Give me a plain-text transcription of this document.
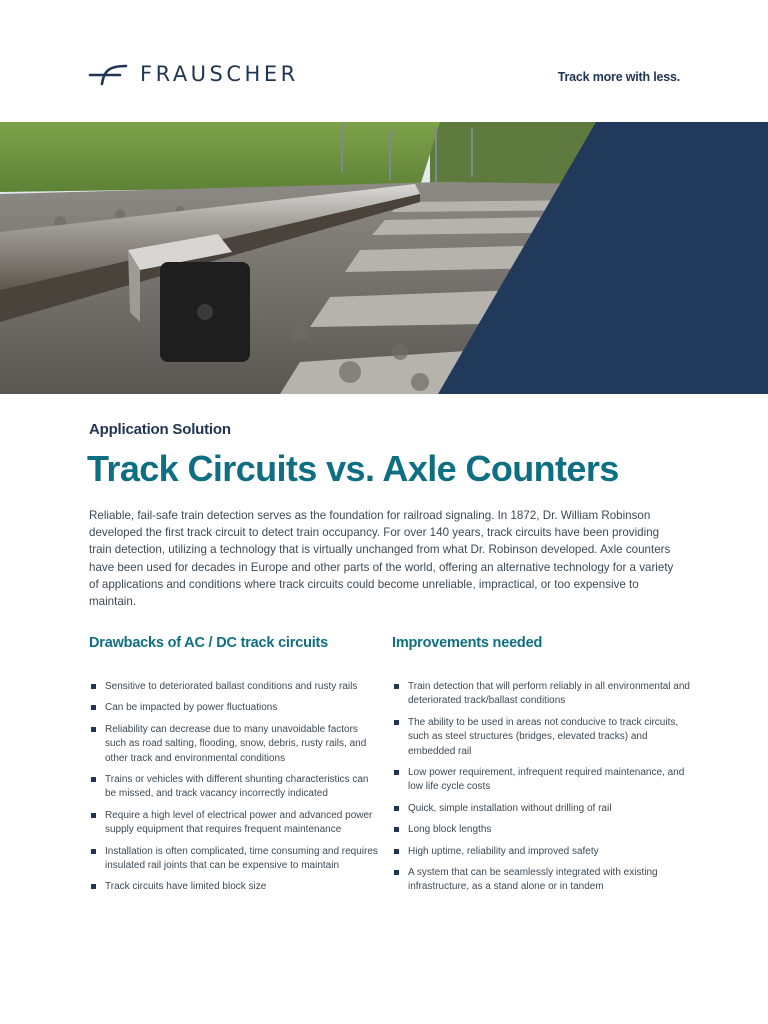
FRAUSCHER	Track more with less.
Application Solution
Track Circuits vs. Axle Counters

Reliable, fail-safe train detection serves as the foundation for railroad signaling. In 1872, Dr. William Robinson developed the first track circuit to detect train occupancy. For over 140 years, track circuits have been providing train detection, utilizing a technology that is virtually unchanged from what Dr. Robinson developed. Axle counters have been used for decades in Europe and other parts of the world, offering an alternative technology for a variety of applications and conditions where track circuits could become unreliable, impractical, or too expensive to maintain.

Drawbacks of AC / DC track circuits
Sensitive to deteriorated ballast conditions and rusty rails
Can be impacted by power fluctuations
Reliability can decrease due to many unavoidable factors such as road salting, flooding, snow, debris, rusty rails, and other track and environmental conditions
Trains or vehicles with different shunting characteristics can be missed, and track vacancy incorrectly indicated
Require a high level of electrical power and advanced power supply equipment that requires frequent maintenance
Installation is often complicated, time consuming and requires insulated rail joints that can be expensive to maintain
Track circuits have limited block size
Improvements needed
Train detection that will perform reliably in all environmental and deteriorated track/ballast conditions
The ability to be used in areas not conducive to track circuits, such as steel structures (bridges, elevated tracks) and embedded rail
Low power requirement, infrequent required maintenance, and low life cycle costs
Quick, simple installation without drilling of rail
Long block lengths
High uptime, reliability and improved safety
A system that can be seamlessly integrated with existing infrastructure, as a stand alone or in tandem
